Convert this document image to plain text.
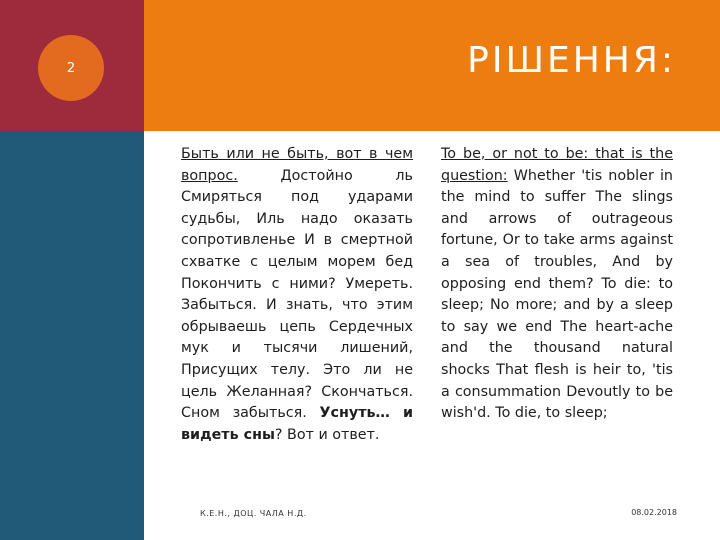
2	РІШЕННЯ:
Быть или не быть, вот в чем вопрос. Достойно ль Смиряться под ударами судьбы, Иль надо оказать сопротивленье И в смертной схватке с целым морем бед Покончить с ними? Умереть. Забыться. И знать, что этим обрываешь цепь Сердечных мук и тысячи лишений, Присущих телу. Это ли не цель Желанная? Скончаться. Сном забыться. Уснуть… и видеть сны? Вот и ответ.
To be, or not to be: that is the question: Whether 'tis nobler in the mind to suffer The slings and arrows of outrageous fortune, Or to take arms against a sea of troubles, And by opposing end them? To die: to sleep; No more; and by a sleep to say we end The heart-ache and the thousand natural shocks That flesh is heir to, 'tis a consummation Devoutly to be wish'd. To die, to sleep;
К.Е.Н., ДОЦ. ЧАЛА Н.Д.	08.02.2018
